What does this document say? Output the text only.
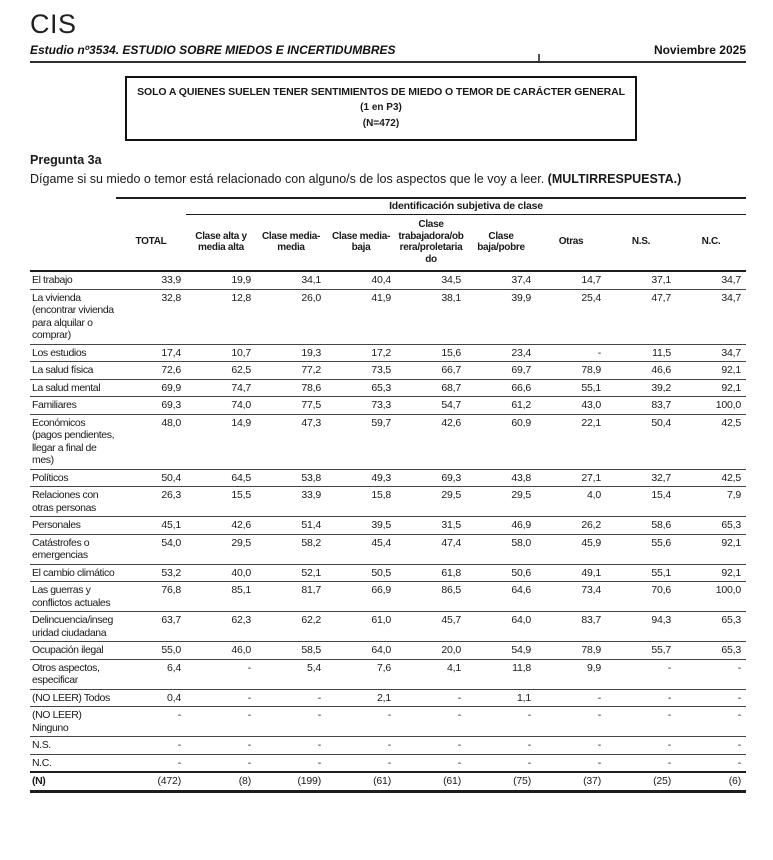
CIS
Estudio nº3534. ESTUDIO SOBRE MIEDOS E INCERTIDUMBRES	Noviembre 2025
SOLO A QUIENES SUELEN TENER SENTIMIENTOS DE MIEDO O TEMOR DE CARÁCTER GENERAL
(1 en P3)
(N=472)
Pregunta 3a
Dígame si su miedo o temor está relacionado con alguno/s de los aspectos que le voy a leer. (MULTIRRESPUESTA.)
		Identificación subjetiva de clase							
	TOTAL	Clase alta y media alta	Clase media-media	Clase media-baja	Clase trabajadora/obrera/proletariado	Clase baja/pobre	Otras	N.S.	N.C.
El trabajo	33,9	19,9	34,1	40,4	34,5	37,4	14,7	37,1	34,7
La vivienda (encontrar vivienda para alquilar o comprar)	32,8	12,8	26,0	41,9	38,1	39,9	25,4	47,7	34,7
Los estudios	17,4	10,7	19,3	17,2	15,6	23,4	-	11,5	34,7
La salud física	72,6	62,5	77,2	73,5	66,7	69,7	78,9	46,6	92,1
La salud mental	69,9	74,7	78,6	65,3	68,7	66,6	55,1	39,2	92,1
Familiares	69,3	74,0	77,5	73,3	54,7	61,2	43,0	83,7	100,0
Económicos (pagos pendientes, llegar a final de mes)	48,0	14,9	47,3	59,7	42,6	60,9	22,1	50,4	42,5
Políticos	50,4	64,5	53,8	49,3	69,3	43,8	27,1	32,7	42,5
Relaciones con otras personas	26,3	15,5	33,9	15,8	29,5	29,5	4,0	15,4	7,9
Personales	45,1	42,6	51,4	39,5	31,5	46,9	26,2	58,6	65,3
Catástrofes o emergencias	54,0	29,5	58,2	45,4	47,4	58,0	45,9	55,6	92,1
El cambio climático	53,2	40,0	52,1	50,5	61,8	50,6	49,1	55,1	92,1
Las guerras y conflictos actuales	76,8	85,1	81,7	66,9	86,5	64,6	73,4	70,6	100,0
Delincuencia/inseguridad ciudadana	63,7	62,3	62,2	61,0	45,7	64,0	83,7	94,3	65,3
Ocupación ilegal	55,0	46,0	58,5	64,0	20,0	54,9	78,9	55,7	65,3
Otros aspectos, especificar	6,4	-	5,4	7,6	4,1	11,8	9,9	-	-
(NO LEER) Todos	0,4	-	-	2,1	-	1,1	-	-	-
(NO LEER) Ninguno	-	-	-	-	-	-	-	-	-
N.S.	-	-	-	-	-	-	-	-	-
N.C.	-	-	-	-	-	-	-	-	-
(N)	(472)	(8)	(199)	(61)	(61)	(75)	(37)	(25)	(6)
